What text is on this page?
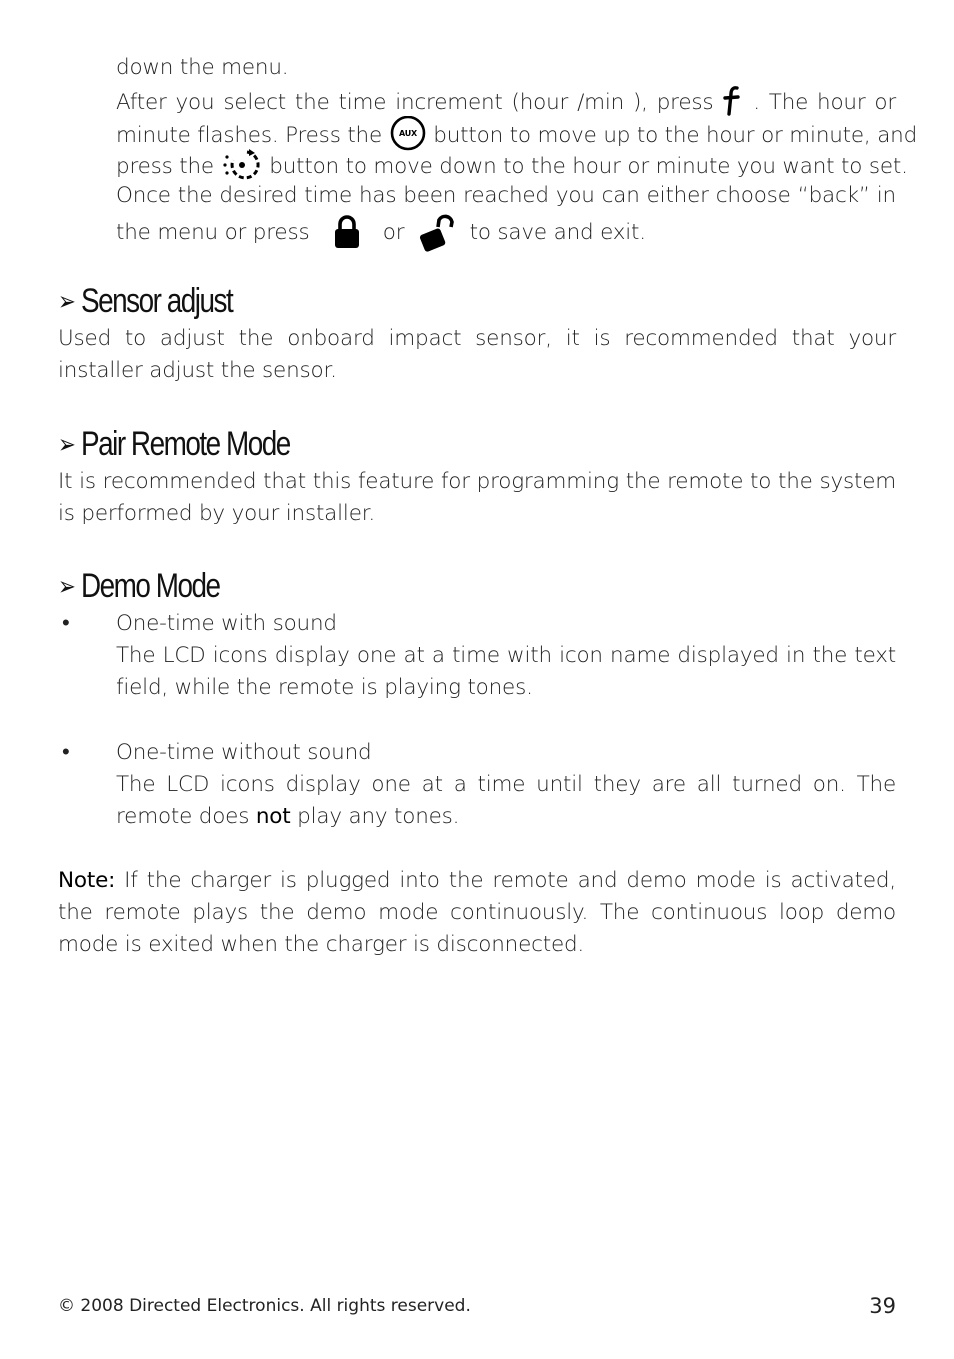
down the menu.
After you select the time increment (hour /min ), press . The hour or
minute flashes. Press the AUX button to move up to the hour or minute, and
press the	button to move down to the hour or minute you want to set.
Once the desired time has been reached you can either choose “back” in
the menu or press	or	to save and exit.
➢ Sensor adjust
Used to adjust the onboard impact sensor, it is recommended that your installer adjust the sensor.
➢ Pair Remote Mode
It is recommended that this feature for programming the remote to the system is performed by your installer.
➢ Demo Mode
• One-time with sound
The LCD icons display one at a time with icon name displayed in the text field, while the remote is playing tones.
• One-time without sound
The LCD icons display one at a time until they are all turned on. The remote does not play any tones.
Note: If the charger is plugged into the remote and demo mode is activated, the remote plays the demo mode continuously. The continuous loop demo mode is exited when the charger is disconnected.
© 2008 Directed Electronics. All rights reserved.	39
